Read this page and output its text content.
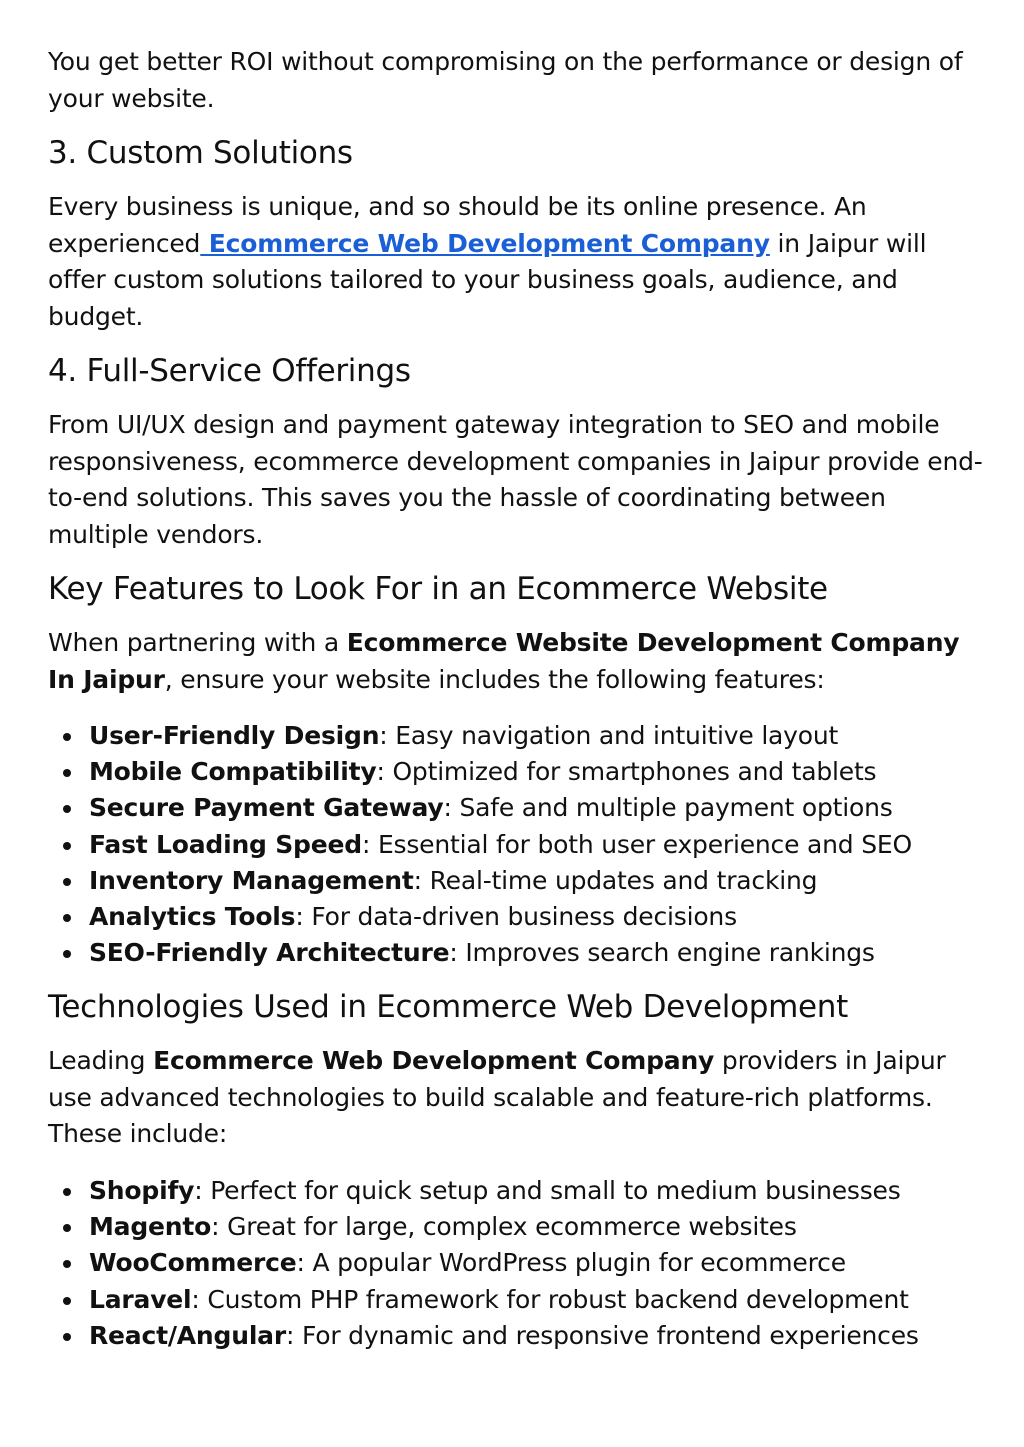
You get better ROI without compromising on the performance or design of your website.

3. Custom Solutions

Every business is unique, and so should be its online presence. An experienced Ecommerce Web Development Company in Jaipur will offer custom solutions tailored to your business goals, audience, and budget.

4. Full-Service Offerings

From UI/UX design and payment gateway integration to SEO and mobile responsiveness, ecommerce development companies in Jaipur provide end-to-end solutions. This saves you the hassle of coordinating between multiple vendors.

Key Features to Look For in an Ecommerce Website

When partnering with a Ecommerce Website Development Company In Jaipur, ensure your website includes the following features:

User-Friendly Design: Easy navigation and intuitive layout
Mobile Compatibility: Optimized for smartphones and tablets
Secure Payment Gateway: Safe and multiple payment options
Fast Loading Speed: Essential for both user experience and SEO
Inventory Management: Real-time updates and tracking
Analytics Tools: For data-driven business decisions
SEO-Friendly Architecture: Improves search engine rankings
Technologies Used in Ecommerce Web Development

Leading Ecommerce Web Development Company providers in Jaipur use advanced technologies to build scalable and feature-rich platforms. These include:

Shopify: Perfect for quick setup and small to medium businesses
Magento: Great for large, complex ecommerce websites
WooCommerce: A popular WordPress plugin for ecommerce
Laravel: Custom PHP framework for robust backend development
React/Angular: For dynamic and responsive frontend experiences
